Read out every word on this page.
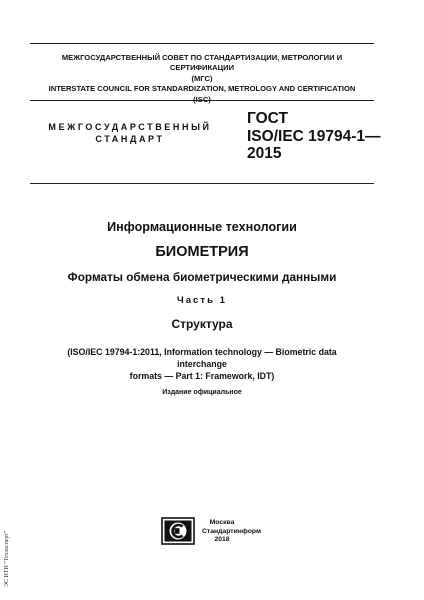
МЕЖГОСУДАРСТВЕННЫЙ СОВЕТ ПО СТАНДАРТИЗАЦИИ, МЕТРОЛОГИИ И СЕРТИФИКАЦИИ
(МГС)
INTERSTATE COUNCIL FOR STANDARDIZATION, METROLOGY AND CERTIFICATION
(ISC)
МЕЖГОСУДАРСТВЕННЫЙ
СТАНДАРТ
ГОСТ
ISO/IEC 19794-1—
2015
Информационные технологии
БИОМЕТРИЯ
Форматы обмена биометрическими данными
Часть 1
Структура
(ISO/IEC 19794-1:2011, Information technology — Biometric data interchange
formats — Part 1: Framework, IDT)
Издание официальное
Москва
Стандартинформ
2018
ЭС ИТИ "Техэксперт"
